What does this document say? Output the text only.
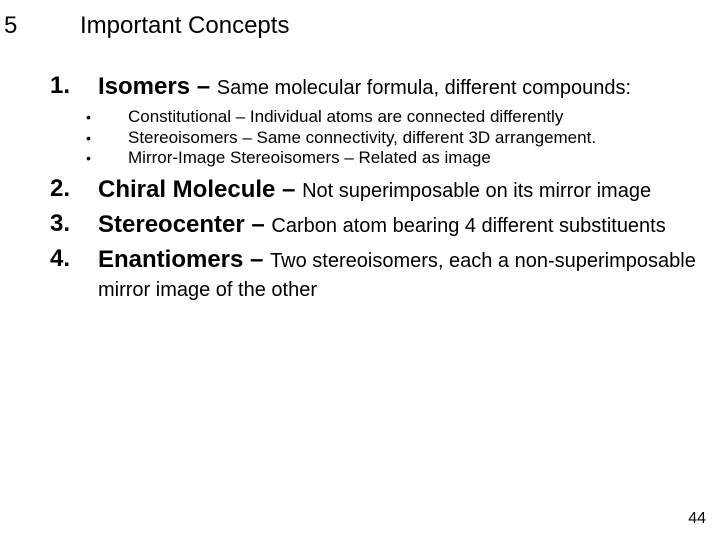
5	Important Concepts
1. Isomers – Same molecular formula, different compounds:
• Constitutional – Individual atoms are connected differently
• Stereoisomers – Same connectivity, different 3D arrangement.
• Mirror-Image Stereoisomers – Related as image
2. Chiral Molecule – Not superimposable on its mirror image
3. Stereocenter – Carbon atom bearing 4 different substituents
4. Enantiomers – Two stereoisomers, each a non-superimposable mirror image of the other
44
